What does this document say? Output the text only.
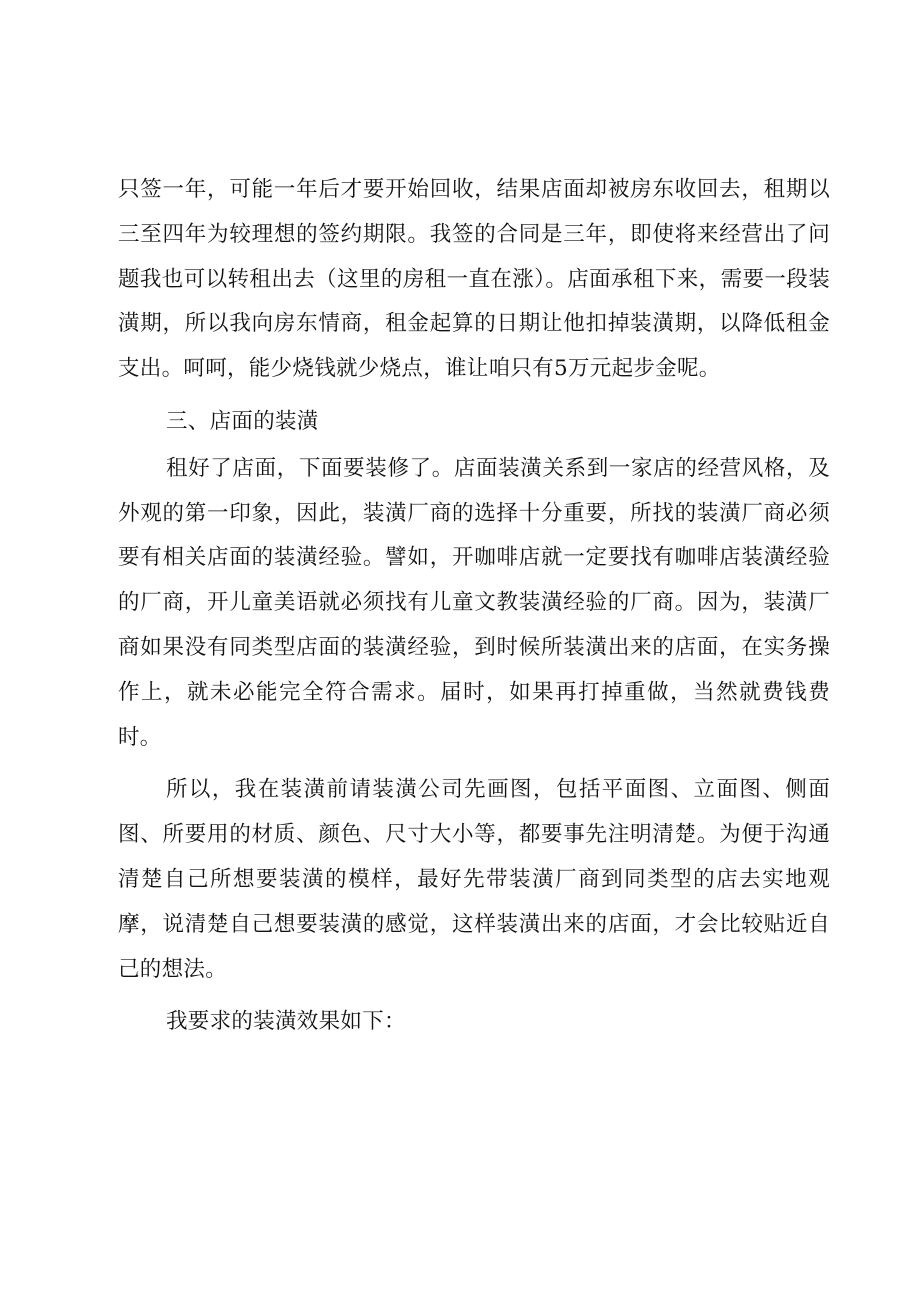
只签一年，可能一年后才要开始回收，结果店面却被房东收回去，租期以三至四年为较理想的签约期限。我签的合同是三年，即使将来经营出了问题我也可以转租出去（这里的房租一直在涨）。店面承租下来，需要一段装潢期，所以我向房东情商，租金起算的日期让他扣掉装潢期，以降低租金支出。呵呵，能少烧钱就少烧点，谁让咱只有5万元起步金呢。

三、店面的装潢

租好了店面，下面要装修了。店面装潢关系到一家店的经营风格，及外观的第一印象，因此，装潢厂商的选择十分重要，所找的装潢厂商必须要有相关店面的装潢经验。譬如，开咖啡店就一定要找有咖啡店装潢经验的厂商，开儿童美语就必须找有儿童文教装潢经验的厂商。因为，装潢厂商如果没有同类型店面的装潢经验，到时候所装潢出来的店面，在实务操作上，就未必能完全符合需求。届时，如果再打掉重做，当然就费钱费时。

所以，我在装潢前请装潢公司先画图，包括平面图、立面图、侧面图、所要用的材质、颜色、尺寸大小等，都要事先注明清楚。为便于沟通清楚自己所想要装潢的模样，最好先带装潢厂商到同类型的店去实地观摩，说清楚自己想要装潢的感觉，这样装潢出来的店面，才会比较贴近自己的想法。

我要求的装潢效果如下：
